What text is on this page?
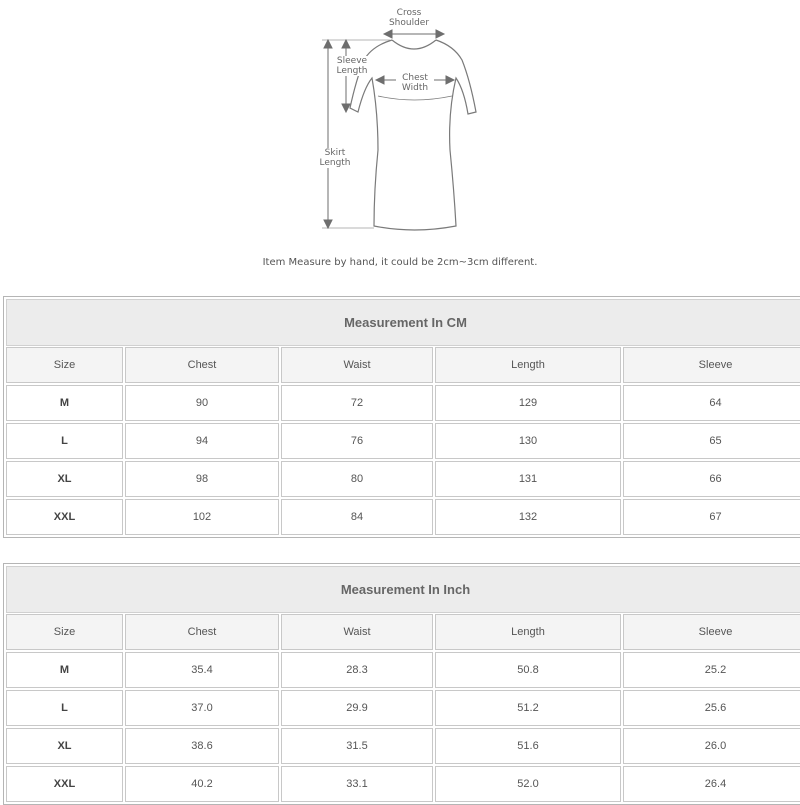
Cross
Shoulder
Sleeve
Length
Chest
Width
Skirt
Length
Item Measure by hand, it could be 2cm~3cm different.
Measurement In CM
Size	Chest	Waist	Length	Sleeve
M	90	72	129	64
L	94	76	130	65
XL	98	80	131	66
XXL	102	84	132	67
Measurement In Inch
Size	Chest	Waist	Length	Sleeve
M	35.4	28.3	50.8	25.2
L	37.0	29.9	51.2	25.6
XL	38.6	31.5	51.6	26.0
XXL	40.2	33.1	52.0	26.4
